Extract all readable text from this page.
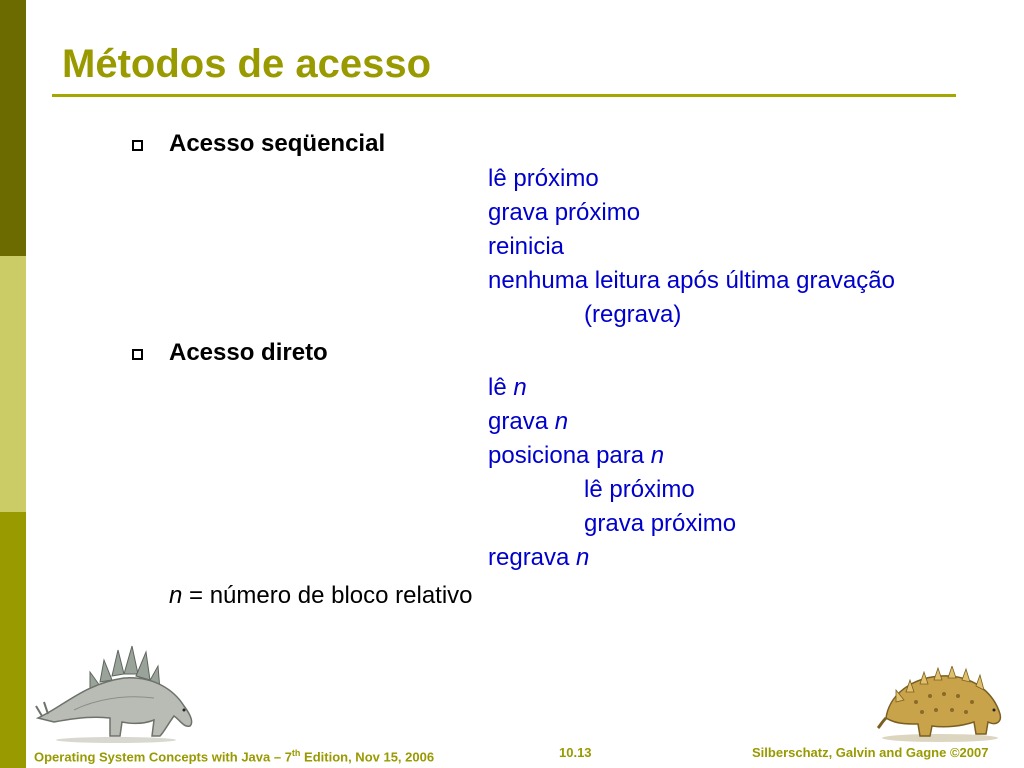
Métodos de acesso
Acesso seqüencial
lê próximo
grava próximo
reinicia
nenhuma leitura após última gravação
(regrava)
Acesso direto
lê n
grava n
posiciona para n
lê próximo
grava próximo
regrava n
n = número de bloco relativo
Operating System Concepts with Java – 7th Edition, Nov 15, 2006	10.13	Silberschatz, Galvin and Gagne ©2007
